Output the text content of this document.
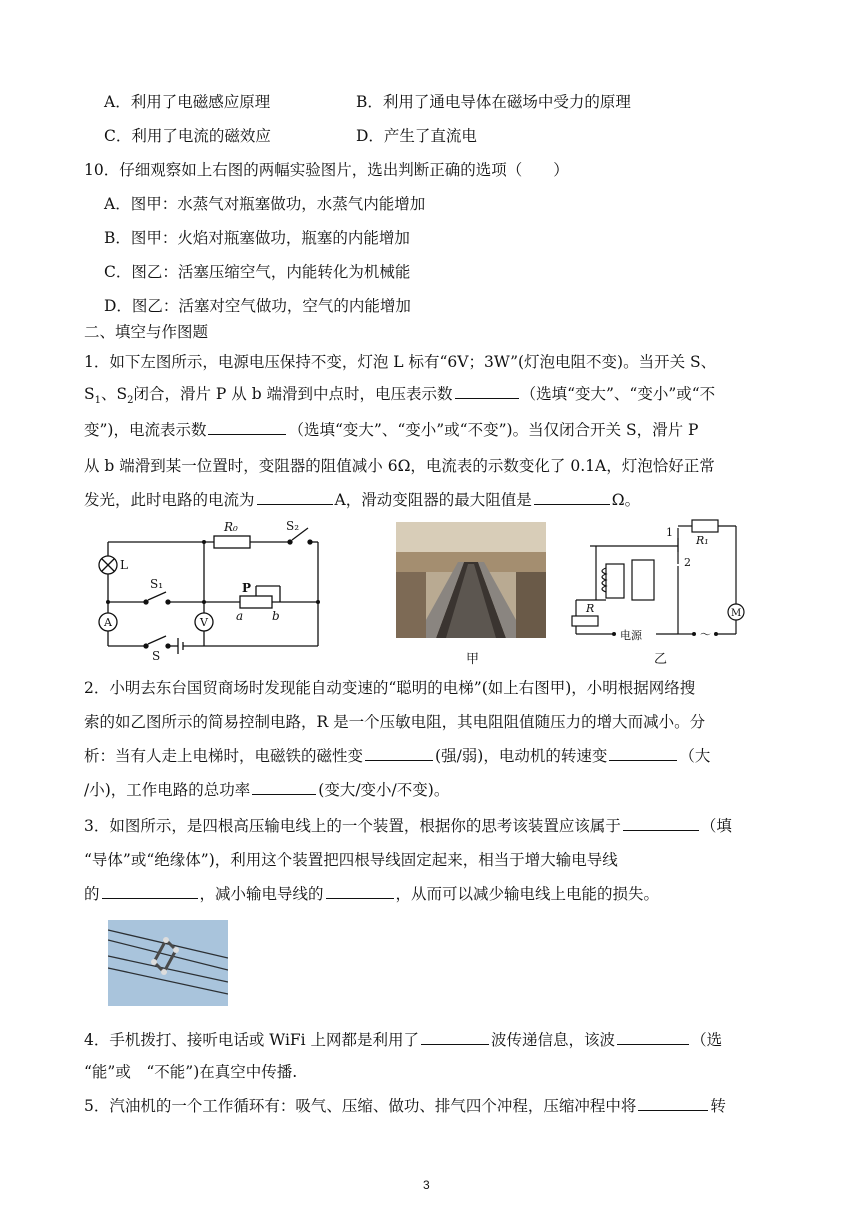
A．利用了电磁感应原理	B．利用了通电导体在磁场中受力的原理
C．利用了电流的磁效应	D．产生了直流电
10．仔细观察如上右图的两幅实验图片，选出判断正确的选项（　　）
A．图甲：水蒸气对瓶塞做功，水蒸气内能增加
B．图甲：火焰对瓶塞做功，瓶塞的内能增加
C．图乙：活塞压缩空气，内能转化为机械能
D．图乙：活塞对空气做功，空气的内能增加
二、填空与作图题
1．如下左图所示，电源电压保持不变，灯泡 L 标有“6V；3W”(灯泡电阻不变)。当开关 S、
$S_1$、$S_2$闭合，滑片 P 从 b 端滑到中点时，电压表示数	（选填“变大”、“变小”或“不
变”)，电流表示数	（选填“变大”、“变小”或“不变”)。当仅闭合开关 S，滑片 P
从 b 端滑到某一位置时，变阻器的阻值减小 6Ω，电流表的示数变化了 0.1A，灯泡恰好正常
发光，此时电路的电流为	A，滑动变阻器的最大阻值是	Ω。
R₀	S₂
L
S₁	P
a b
S
A	V
甲
1
2
R₁
R
电源
M
～
乙
2．小明去东台国贸商场时发现能自动变速的“聪明的电梯”(如上右图甲)，小明根据网络搜
索的如乙图所示的简易控制电路，R 是一个压敏电阻，其电阻阻值随压力的增大而减小。分
析：当有人走上电梯时，电磁铁的磁性变	(强/弱)，电动机的转速变	（大
/小)，工作电路的总功率	(变大/变小/不变)。
3．如图所示，是四根高压输电线上的一个装置，根据你的思考该装置应该属于	（填
“导体”或“绝缘体”)，利用这个装置把四根导线固定起来，相当于增大输电导线
的	，减小输电导线的	，从而可以减少输电线上电能的损失。
4．手机拨打、接听电话或 WiFi 上网都是利用了	波传递信息，该波	（选
“能”或　“不能”)在真空中传播.
5．汽油机的一个工作循环有：吸气、压缩、做功、排气四个冲程，压缩冲程中将	转
3
